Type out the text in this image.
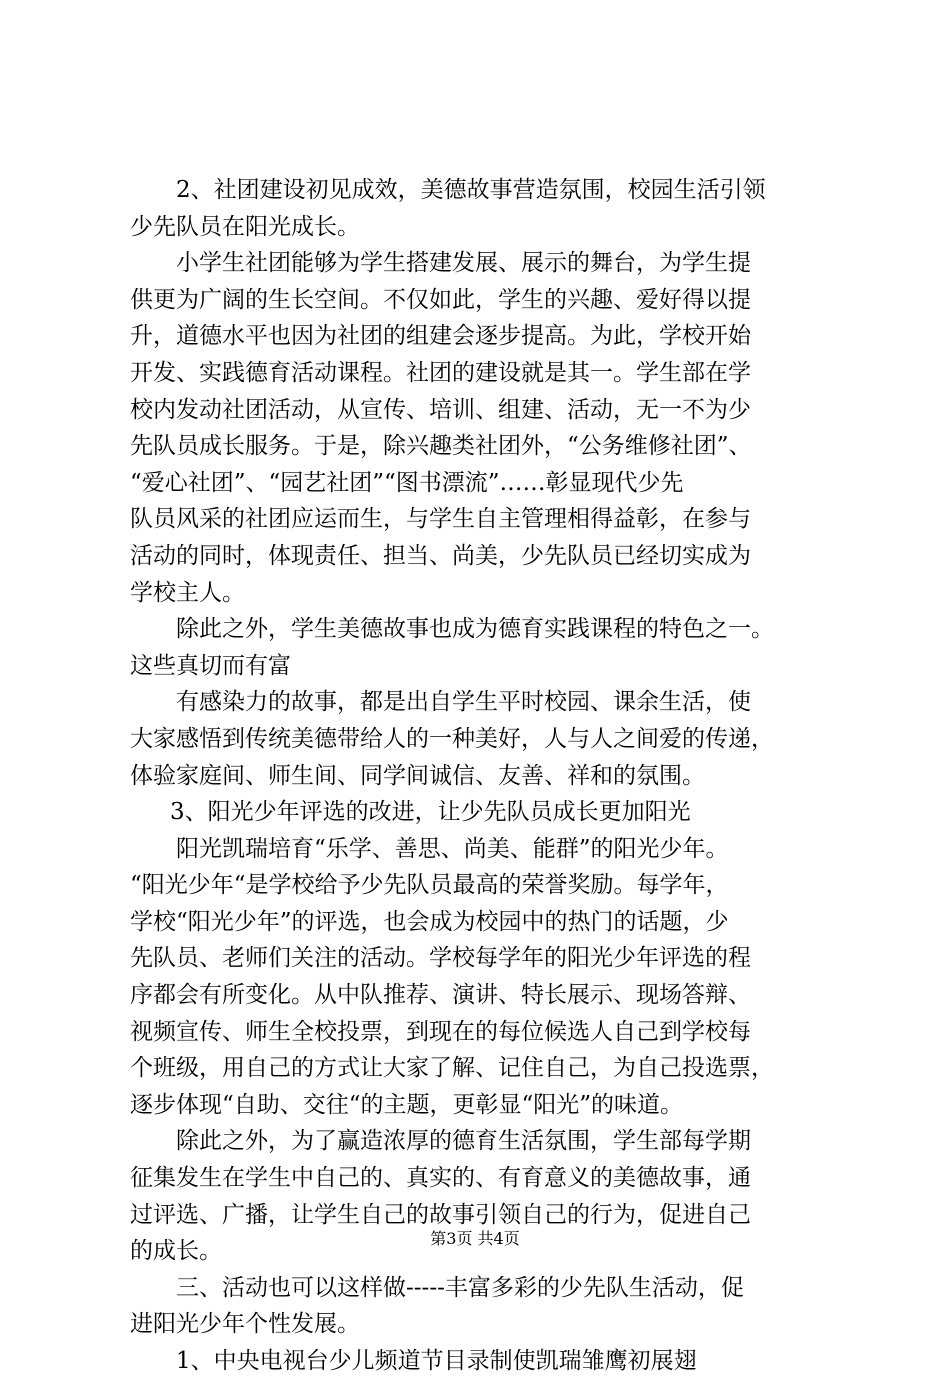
2、社团建设初见成效，美德故事营造氛围，校园生活引领
少先队员在阳光成长。
小学生社团能够为学生搭建发展、展示的舞台，为学生提
供更为广阔的生长空间。不仅如此，学生的兴趣、爱好得以提
升，道德水平也因为社团的组建会逐步提高。为此，学校开始
开发、实践德育活动课程。社团的建设就是其一。学生部在学
校内发动社团活动，从宣传、培训、组建、活动，无一不为少
先队员成长服务。于是，除兴趣类社团外，“公务维修社团”、
“爱心社团”、“园艺社团”“图书漂流”……彰显现代少先
队员风采的社团应运而生，与学生自主管理相得益彰，在参与
活动的同时，体现责任、担当、尚美，少先队员已经切实成为
学校主人。
除此之外，学生美德故事也成为德育实践课程的特色之一。
这些真切而有富
有感染力的故事，都是出自学生平时校园、课余生活，使
大家感悟到传统美德带给人的一种美好，人与人之间爱的传递，
体验家庭间、师生间、同学间诚信、友善、祥和的氛围。
3、阳光少年评选的改进，让少先队员成长更加阳光
阳光凯瑞培育“乐学、善思、尚美、能群”的阳光少年。
“阳光少年“是学校给予少先队员最高的荣誉奖励。每学年，
学校“阳光少年”的评选，也会成为校园中的热门的话题，少
先队员、老师们关注的活动。学校每学年的阳光少年评选的程
序都会有所变化。从中队推荐、演讲、特长展示、现场答辩、
视频宣传、师生全校投票，到现在的每位候选人自己到学校每
个班级，用自己的方式让大家了解、记住自己，为自己投选票，
逐步体现“自助、交往“的主题，更彰显“阳光”的味道。
除此之外，为了赢造浓厚的德育生活氛围，学生部每学期
征集发生在学生中自己的、真实的、有育意义的美德故事，通
过评选、广播，让学生自己的故事引领自己的行为，促进自己
的成长。
三、活动也可以这样做-----丰富多彩的少先队生活动，促
进阳光少年个性发展。
1、中央电视台少儿频道节目录制使凯瑞雏鹰初展翅
第3页 共4页
